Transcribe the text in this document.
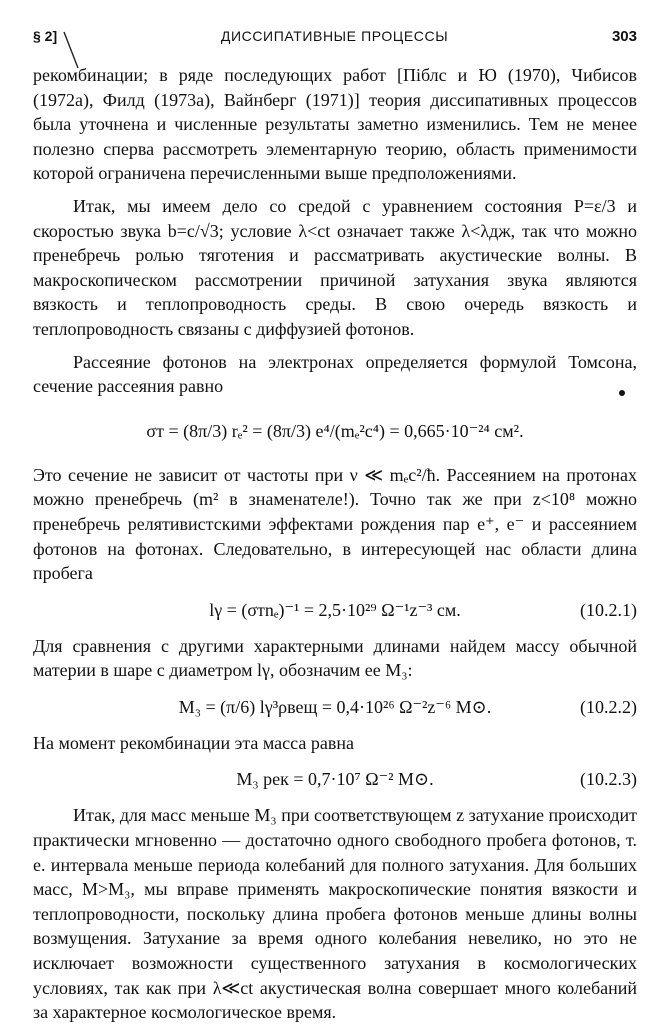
§ 2]	ДИССИПАТИВНЫЕ ПРОЦЕССЫ	303

рекомбинации; в ряде последующих работ [Піблс и Ю (1970), Чибисов (1972а), Филд (1973а), Вайнберг (1971)] теория диссипативных процессов была уточнена и численные результаты заметно изменились. Тем не менее полезно сперва рассмотреть элементарную теорию, область применимости которой ограничена перечисленными выше предположениями.

Итак, мы имеем дело со средой с уравнением состояния P=ε/3 и скоростью звука b=c/√3; условие λ<ct означает также λ<λдж, так что можно пренебречь ролью тяготения и рассматривать акустические волны. В макроскопическом рассмотрении причиной затухания звука являются вязкость и теплопроводность среды. В свою очередь вязкость и теплопроводность связаны с диффузией фотонов.

Рассеяние фотонов на электронах определяется формулой Томсона, сечение рассеяния равно

σт = (8π/3) rₑ² = (8π/3) e⁴/(mₑ²c⁴) = 0,665·10⁻²⁴ см².

Это сечение не зависит от частоты при ν ≪ mₑc²/ħ. Рассеянием на протонах можно пренебречь (m² в знаменателе!). Точно так же при z<10⁸ можно пренебречь релятивистскими эффектами рождения пар e⁺, e⁻ и рассеянием фотонов на фотонах. Следовательно, в интересующей нас области длина пробега

lγ = (σтnₑ)⁻¹ = 2,5·10²⁹ Ω⁻¹z⁻³ см.	(10.2.1)

Для сравнения с другими характерными длинами найдем массу обычной материи в шаре с диаметром lγ, обозначим ее M₃:

M₃ = (π/6) lγ³ρвещ = 0,4·10²⁶ Ω⁻²z⁻⁶ M⊙.	(10.2.2)

На момент рекомбинации эта масса равна

M₃ рек = 0,7·10⁷ Ω⁻² M⊙.	(10.2.3)

Итак, для масс меньше M₃ при соответствующем z затухание происходит практически мгновенно — достаточно одного свободного пробега фотонов, т. е. интервала меньше периода колебаний для полного затухания. Для больших масс, M>M₃, мы вправе применять макроскопические понятия вязкости и теплопроводности, поскольку длина пробега фотонов меньше длины волны возмущения. Затухание за время одного колебания невелико, но это не исключает возможности существенного затухания в космологических условиях, так как при λ≪ct акустическая волна совершает много колебаний за характерное космологическое время.
